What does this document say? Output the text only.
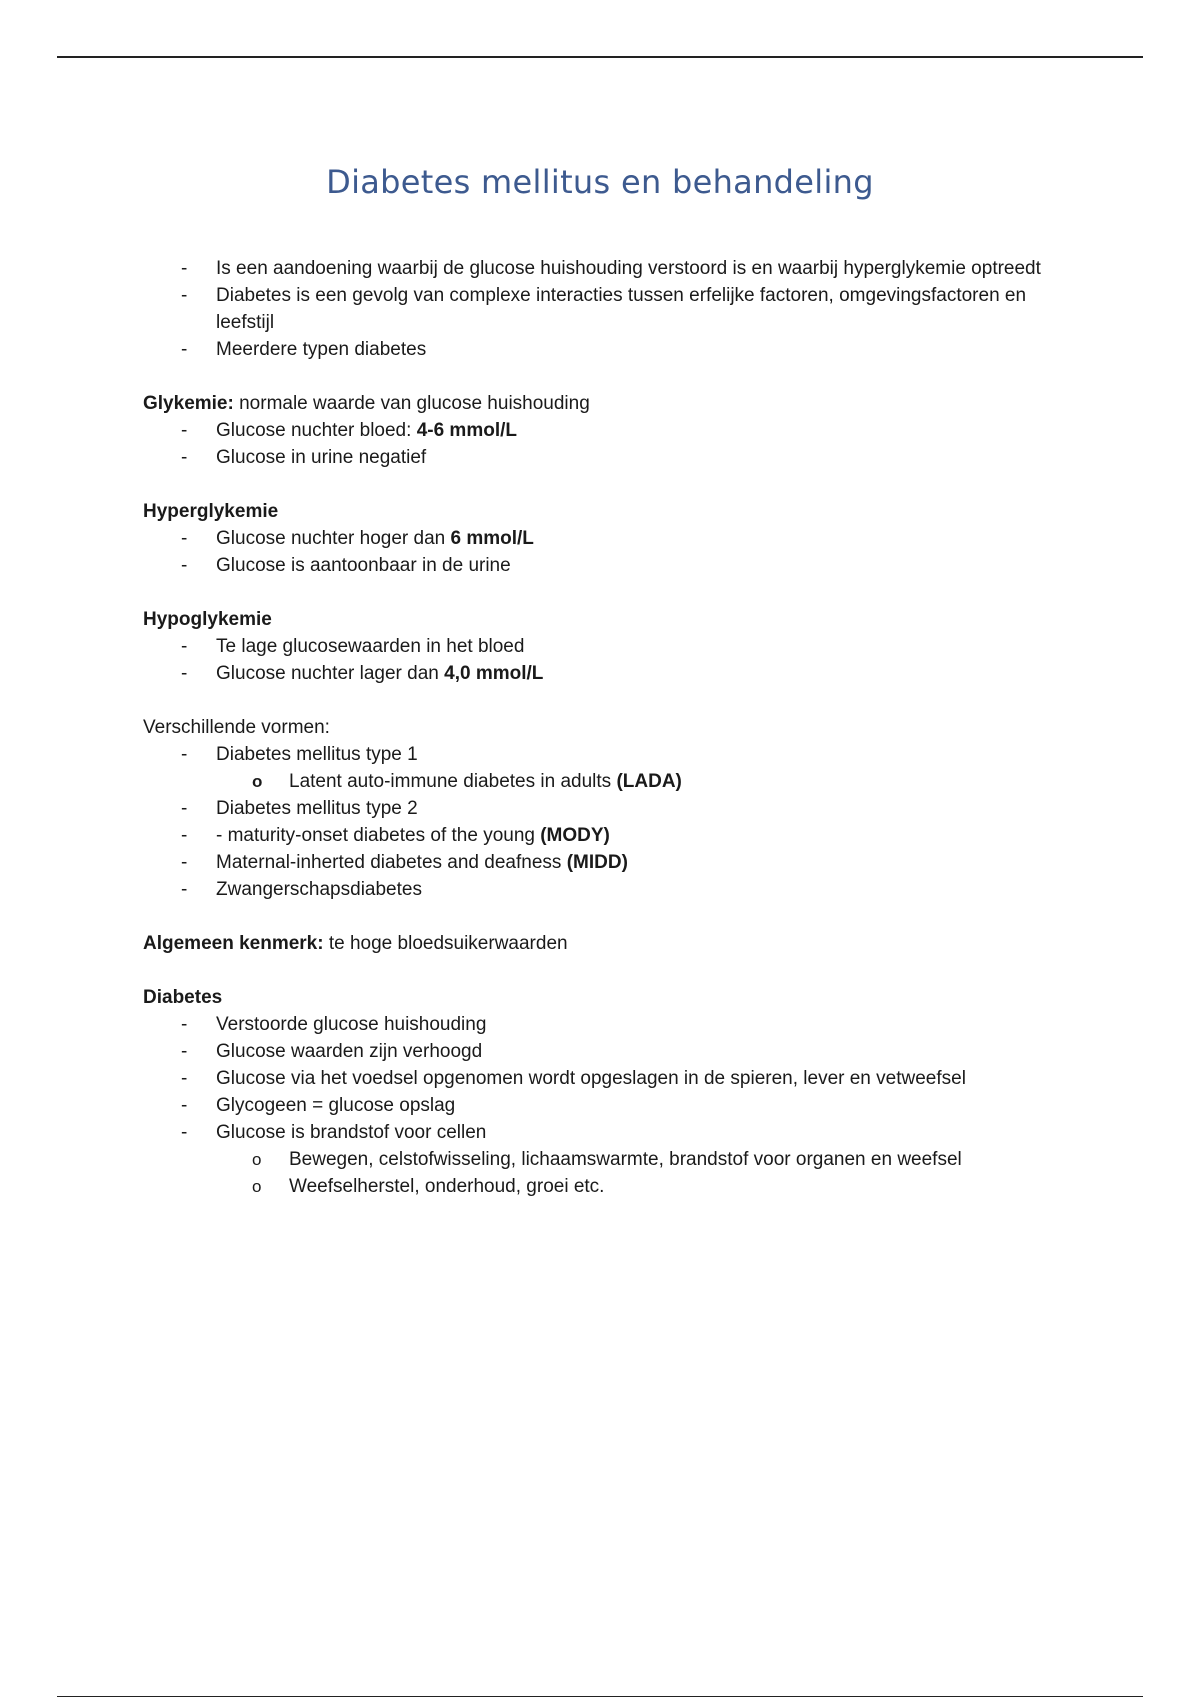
Diabetes mellitus en behandeling
- Is een aandoening waarbij de glucose huishouding verstoord is en waarbij hyperglykemie optreedt
- Diabetes is een gevolg van complexe interacties tussen erfelijke factoren, omgevingsfactoren en leefstijl
- Meerdere typen diabetes
Glykemie: normale waarde van glucose huishouding
- Glucose nuchter bloed: 4-6 mmol/L
- Glucose in urine negatief
Hyperglykemie
- Glucose nuchter hoger dan 6 mmol/L
- Glucose is aantoonbaar in de urine
Hypoglykemie
- Te lage glucosewaarden in het bloed
- Glucose nuchter lager dan 4,0 mmol/L
Verschillende vormen:
- Diabetes mellitus type 1
o Latent auto-immune diabetes in adults (LADA)
- Diabetes mellitus type 2
- - maturity-onset diabetes of the young (MODY)
- Maternal-inherted diabetes and deafness (MIDD)
- Zwangerschapsdiabetes
Algemeen kenmerk: te hoge bloedsuikerwaarden
Diabetes
- Verstoorde glucose huishouding
- Glucose waarden zijn verhoogd
- Glucose via het voedsel opgenomen wordt opgeslagen in de spieren, lever en vetweefsel
- Glycogeen = glucose opslag
- Glucose is brandstof voor cellen
o Bewegen, celstofwisseling, lichaamswarmte, brandstof voor organen en weefsel
o Weefselherstel, onderhoud, groei etc.
